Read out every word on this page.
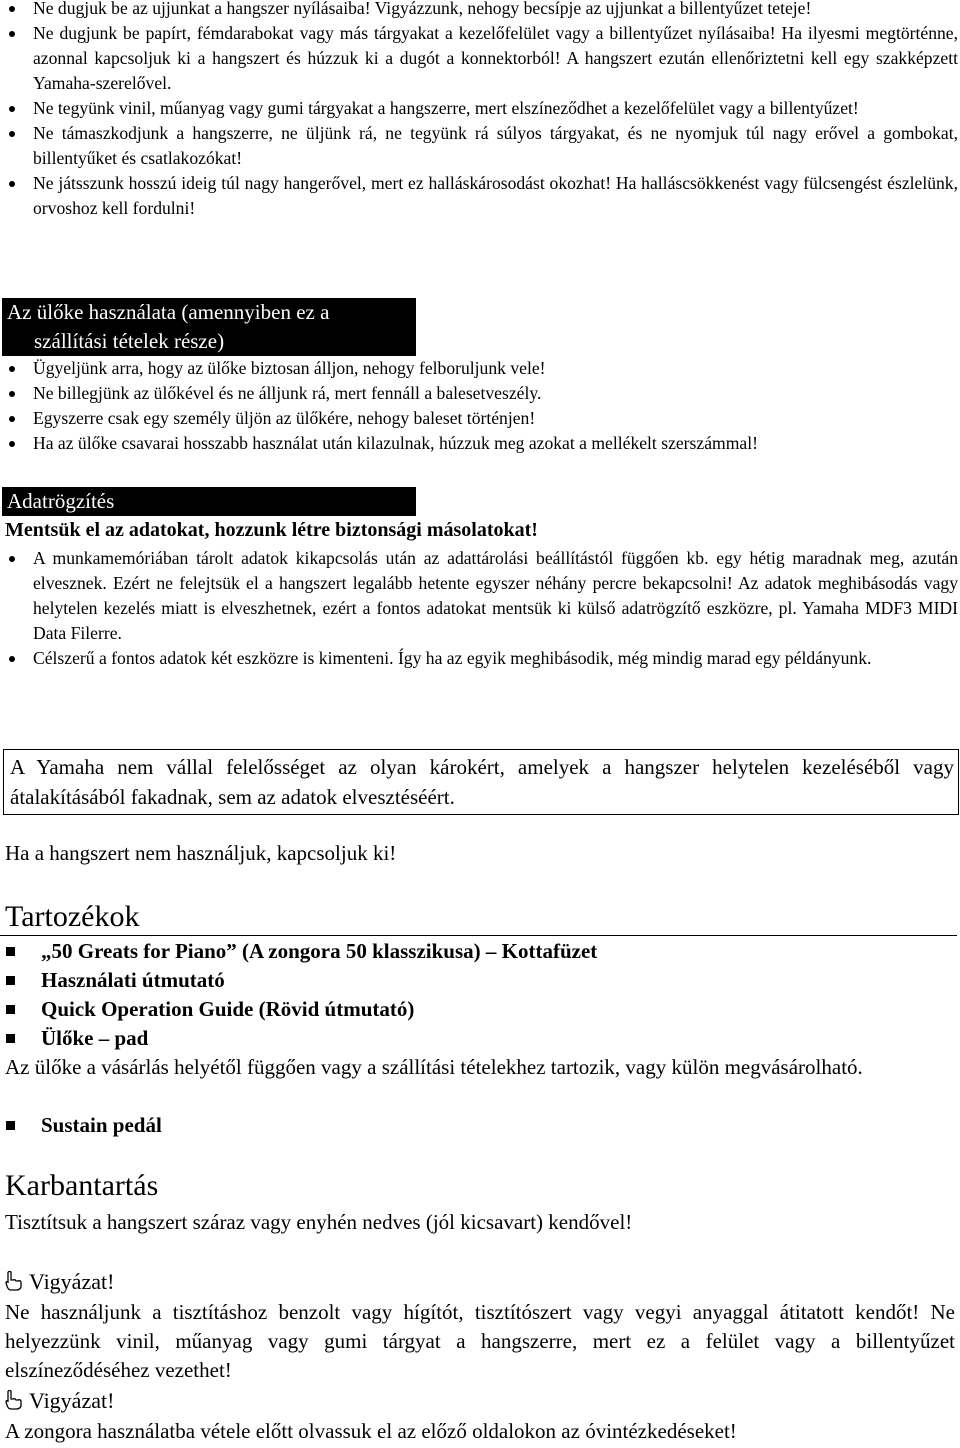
Ne dugjuk be az ujjunkat a hangszer nyílásaiba! Vigyázzunk, nehogy becsípje az ujjunkat a billentyűzet teteje!
Ne dugjunk be papírt, fémdarabokat vagy más tárgyakat a kezelőfelület vagy a billentyűzet nyílásaiba! Ha ilyesmi megtörténne, azonnal kapcsoljuk ki a hangszert és húzzuk ki a dugót a konnektorból! A hangszert ezután ellenőriztetni kell egy szakképzett Yamaha-szerelővel.
Ne tegyünk vinil, műanyag vagy gumi tárgyakat a hangszerre, mert elszíneződhet a kezelőfelület vagy a billentyűzet!
Ne támaszkodjunk a hangszerre, ne üljünk rá, ne tegyünk rá súlyos tárgyakat, és ne nyomjuk túl nagy erővel a gombokat, billentyűket és csatlakozókat!
Ne játsszunk hosszú ideig túl nagy hangerővel, mert ez halláskárosodást okozhat! Ha halláscsökkenést vagy fülcsengést észlelünk, orvoshoz kell fordulni!
Az ülőke használata (amennyiben ez a
szállítási tételek része)
Ügyeljünk arra, hogy az ülőke biztosan álljon, nehogy felboruljunk vele!
Ne billegjünk az ülőkével és ne álljunk rá, mert fennáll a balesetveszély.
Egyszerre csak egy személy üljön az ülőkére, nehogy baleset történjen!
Ha az ülőke csavarai hosszabb használat után kilazulnak, húzzuk meg azokat a mellékelt szerszámmal!
Adatrögzítés
Mentsük el az adatokat, hozzunk létre biztonsági másolatokat!
A munkamemóriában tárolt adatok kikapcsolás után az adattárolási beállítástól függően kb. egy hétig maradnak meg, azután elvesznek. Ezért ne felejtsük el a hangszert legalább hetente egyszer néhány percre bekapcsolni! Az adatok meghibásodás vagy helytelen kezelés miatt is elveszhetnek, ezért a fontos adatokat mentsük ki külső adatrögzítő eszközre, pl. Yamaha MDF3 MIDI Data Filerre.
Célszerű a fontos adatok két eszközre is kimenteni. Így ha az egyik meghibásodik, még mindig marad egy példányunk.
A Yamaha nem vállal felelősséget az olyan károkért, amelyek a hangszer helytelen kezeléséből vagy átalakításából fakadnak, sem az adatok elvesztéséért.
Ha a hangszert nem használjuk, kapcsoljuk ki!
Tartozékok
„50 Greats for Piano” (A zongora 50 klasszikusa) – Kottafüzet
Használati útmutató
Quick Operation Guide (Rövid útmutató)
Ülőke – pad
Az ülőke a vásárlás helyétől függően vagy a szállítási tételekhez tartozik, vagy külön megvásárolható.
Sustain pedál
Karbantartás
Tisztítsuk a hangszert száraz vagy enyhén nedves (jól kicsavart) kendővel!
Vigyázat!
Ne használjunk a tisztításhoz benzolt vagy hígítót, tisztítószert vagy vegyi anyaggal átitatott kendőt! Ne helyezzünk vinil, műanyag vagy gumi tárgyat a hangszerre, mert ez a felület vagy a billentyűzet elszíneződéséhez vezethet!
Vigyázat!
A zongora használatba vétele előtt olvassuk el az előző oldalokon az óvintézkedéseket!
